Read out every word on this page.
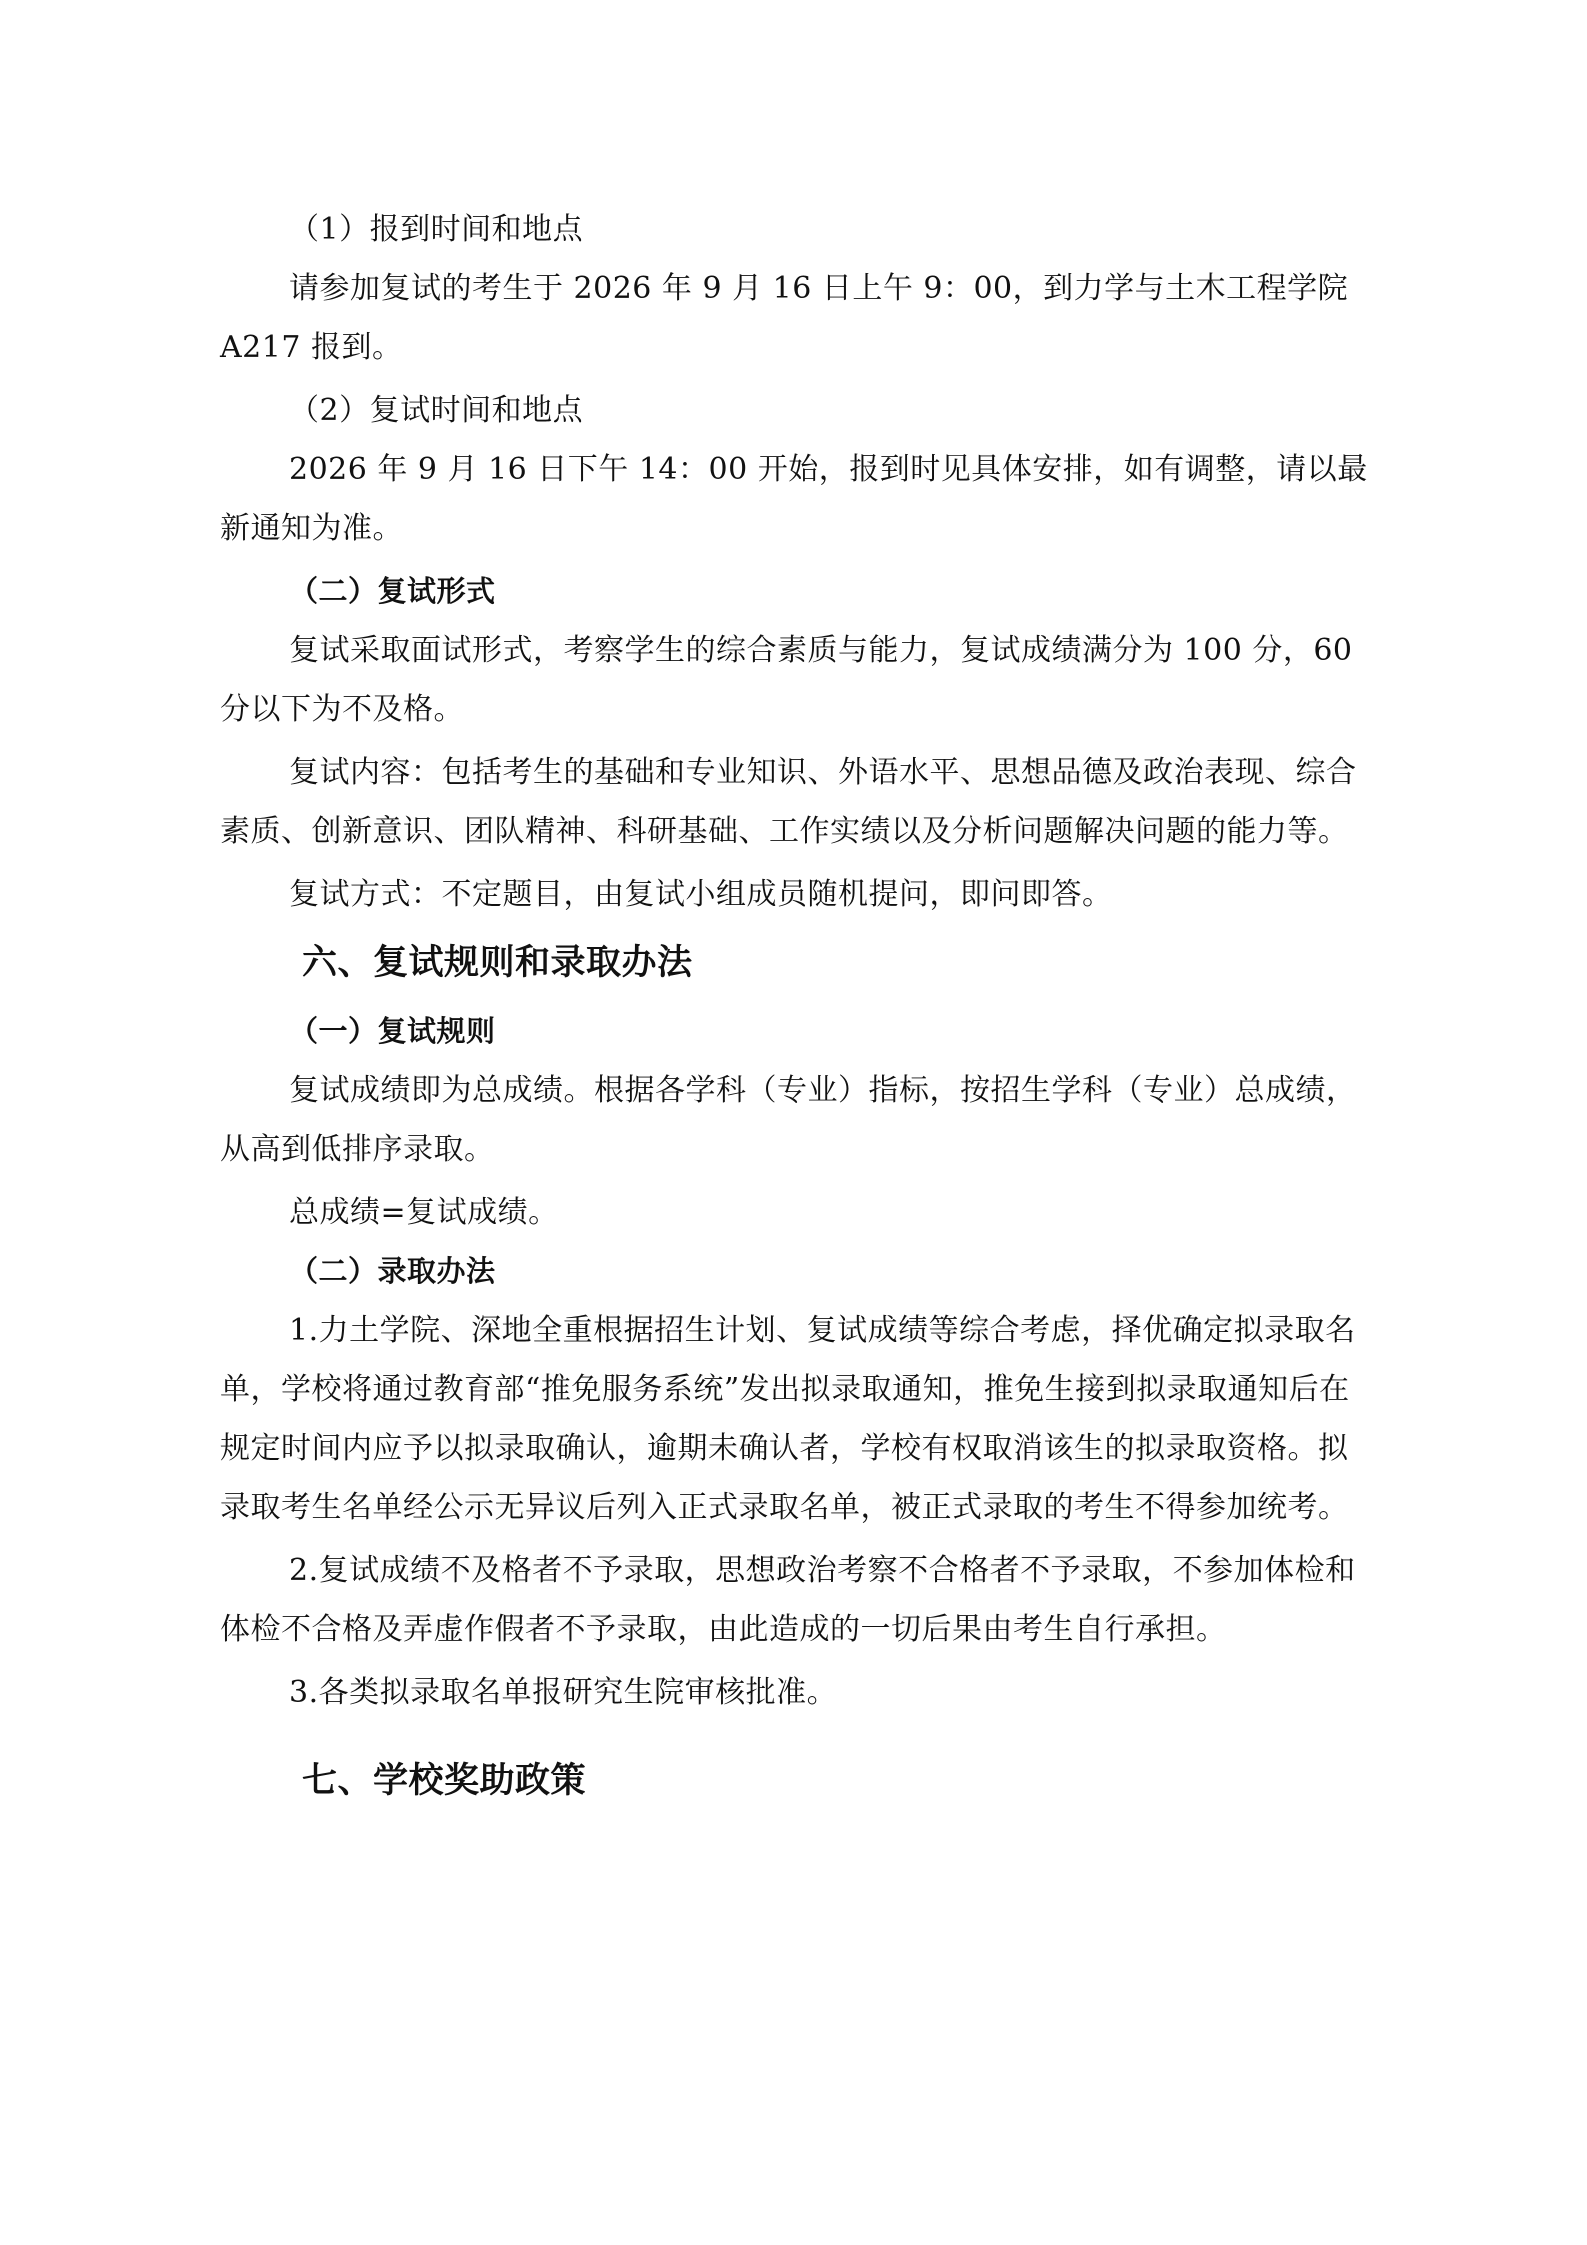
（1）报到时间和地点

请参加复试的考生于 2026 年 9 月 16 日上午 9：00，到力学与土木工程学院 A217 报到。

（2）复试时间和地点

2026 年 9 月 16 日下午 14：00 开始，报到时见具体安排，如有调整，请以最新通知为准。

（二）复试形式

复试采取面试形式，考察学生的综合素质与能力，复试成绩满分为 100 分，60 分以下为不及格。

复试内容：包括考生的基础和专业知识、外语水平、思想品德及政治表现、综合素质、创新意识、团队精神、科研基础、工作实绩以及分析问题解决问题的能力等。

复试方式：不定题目，由复试小组成员随机提问，即问即答。

六、复试规则和录取办法

（一）复试规则

复试成绩即为总成绩。根据各学科（专业）指标，按招生学科（专业）总成绩，从高到低排序录取。

总成绩=复试成绩。

（二）录取办法

1.力土学院、深地全重根据招生计划、复试成绩等综合考虑，择优确定拟录取名单，学校将通过教育部“推免服务系统”发出拟录取通知，推免生接到拟录取通知后在规定时间内应予以拟录取确认，逾期未确认者，学校有权取消该生的拟录取资格。拟录取考生名单经公示无异议后列入正式录取名单，被正式录取的考生不得参加统考。

2.复试成绩不及格者不予录取，思想政治考察不合格者不予录取，不参加体检和体检不合格及弄虚作假者不予录取，由此造成的一切后果由考生自行承担。

3.各类拟录取名单报研究生院审核批准。

七、学校奖助政策
